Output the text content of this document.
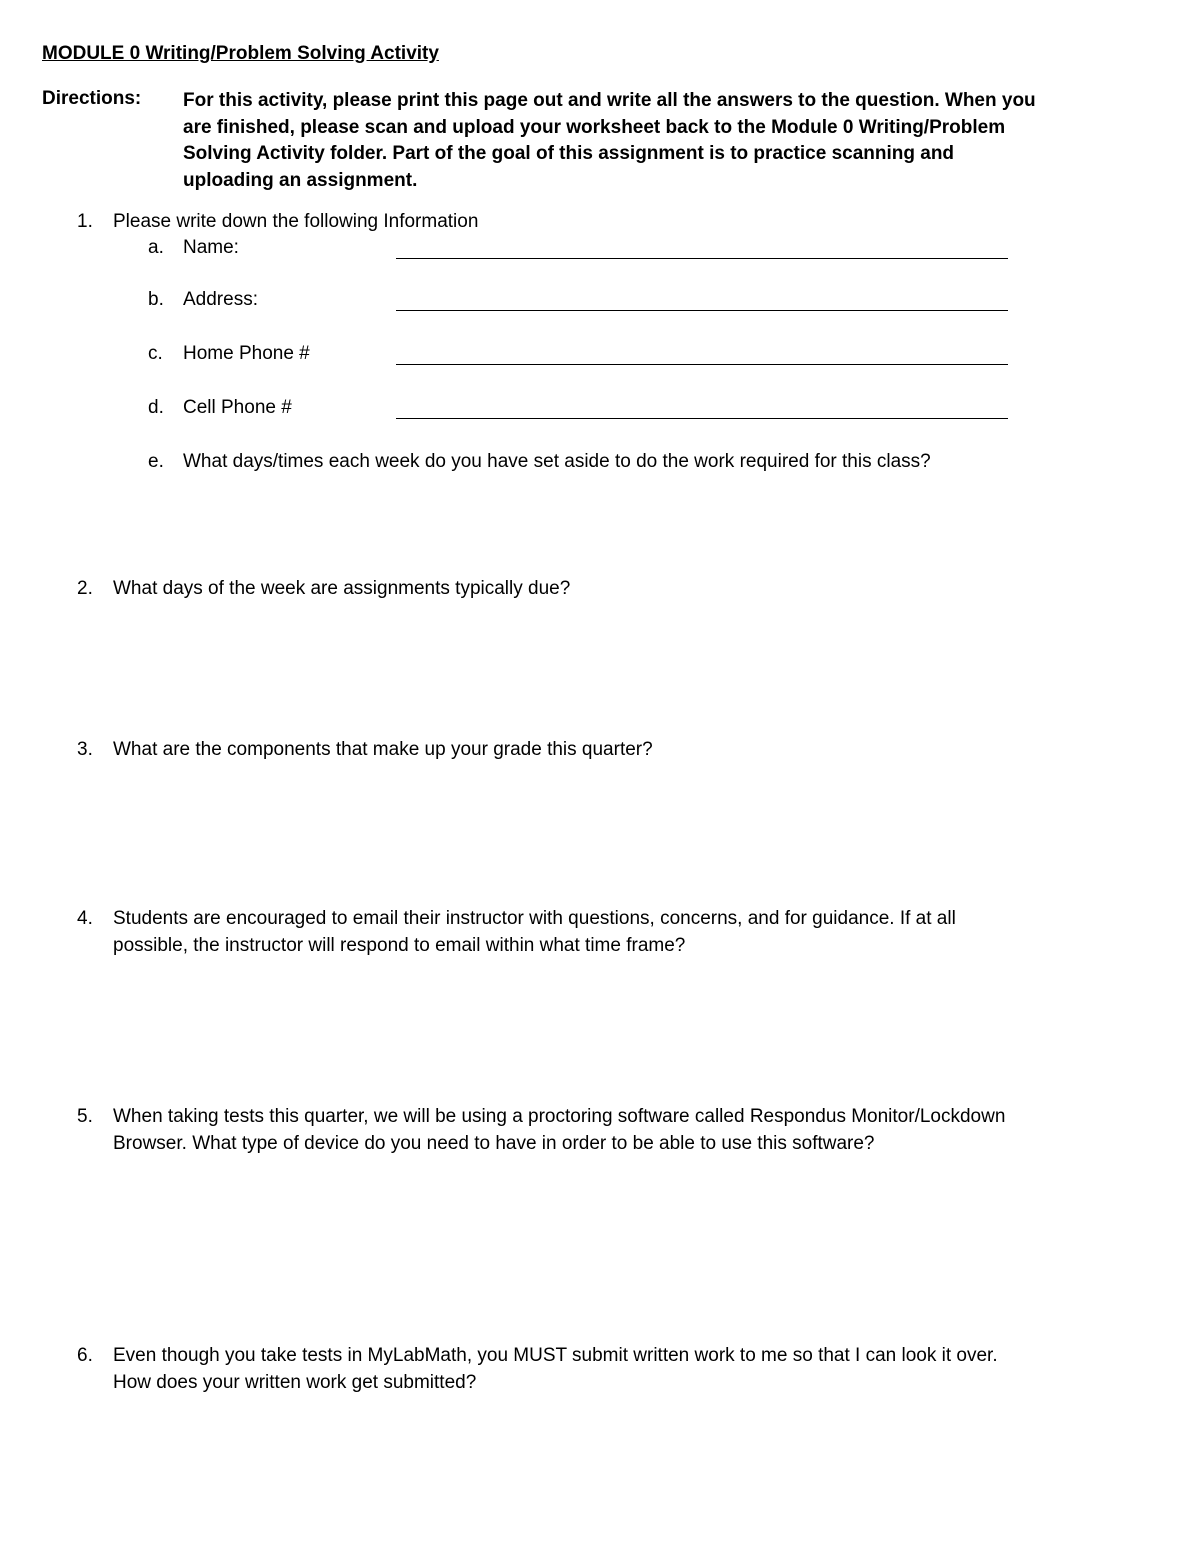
MODULE 0 Writing/Problem Solving Activity
Directions: For this activity, please print this page out and write all the answers to the question. When you
are finished, please scan and upload your worksheet back to the Module 0 Writing/Problem
Solving Activity folder. Part of the goal of this assignment is to practice scanning and
uploading an assignment.
1.	Please write down the following Information
a. Name:
b. Address:
c. Home Phone #
d. Cell Phone #
e. What days/times each week do you have set aside to do the work required for this class?
2.	What days of the week are assignments typically due?
3.	What are the components that make up your grade this quarter?
4.	Students are encouraged to email their instructor with questions, concerns, and for guidance. If at all
possible, the instructor will respond to email within what time frame?
5.	When taking tests this quarter, we will be using a proctoring software called Respondus Monitor/Lockdown
Browser. What type of device do you need to have in order to be able to use this software?
6.	Even though you take tests in MyLabMath, you MUST submit written work to me so that I can look it over.
How does your written work get submitted?
